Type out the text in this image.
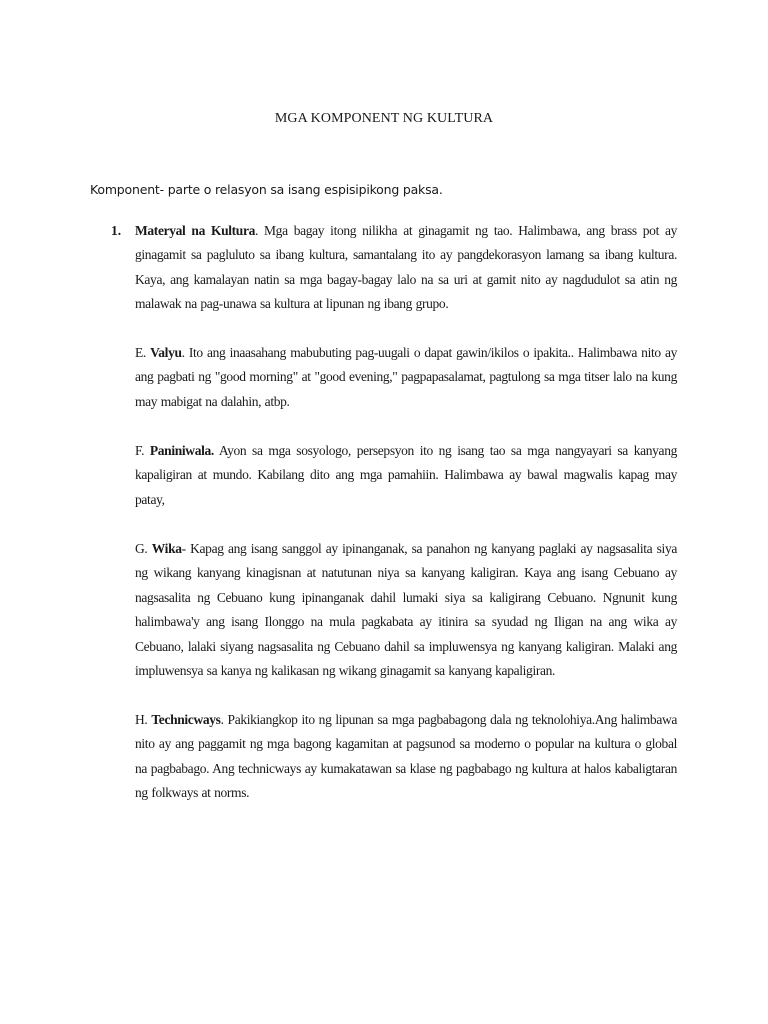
MGA KOMPONENT NG KULTURA
Komponent- parte o relasyon sa isang espisipikong paksa.
1. Materyal na Kultura. Mga bagay itong nilikha at ginagamit ng tao. Halimbawa, ang brass pot ay ginagamit sa pagluluto sa ibang kultura, samantalang ito ay pangdekorasyon lamang sa ibang kultura. Kaya, ang kamalayan natin sa mga bagay-bagay lalo na sa uri at gamit nito ay nagdudulot sa atin ng malawak na pag-unawa sa kultura at lipunan ng ibang grupo.
E. Valyu. Ito ang inaasahang mabubuting pag-uugali o dapat gawin/ikilos o ipakita.. Halimbawa nito ay ang pagbati ng "good morning" at "good evening," pagpapasalamat, pagtulong sa mga titser lalo na kung may mabigat na dalahin, atbp.
F. Paniniwala. Ayon sa mga sosyologo, persepsyon ito ng isang tao sa mga nangyayari sa kanyang kapaligiran at mundo. Kabilang dito ang mga pamahiin. Halimbawa ay bawal magwalis kapag may patay,
G. Wika- Kapag ang isang sanggol ay ipinanganak, sa panahon ng kanyang paglaki ay nagsasalita siya ng wikang kanyang kinagisnan at natutunan niya sa kanyang kaligiran. Kaya ang isang Cebuano ay nagsasalita ng Cebuano kung ipinanganak dahil lumaki siya sa kaligirang Cebuano. Ngnunit kung halimbawa'y ang isang Ilonggo na mula pagkabata ay itinira sa syudad ng Iligan na ang wika ay Cebuano, lalaki siyang nagsasalita ng Cebuano dahil sa impluwensya ng kanyang kaligiran. Malaki ang impluwensya sa kanya ng kalikasan ng wikang ginagamit sa kanyang kapaligiran.
H. Technicways. Pakikiangkop ito ng lipunan sa mga pagbabagong dala ng teknolohiya.Ang halimbawa nito ay ang paggamit ng mga bagong kagamitan at pagsunod sa moderno o popular na kultura o global na pagbabago. Ang technicways ay kumakatawan sa klase ng pagbabago ng kultura at halos kabaligtaran ng folkways at norms.
